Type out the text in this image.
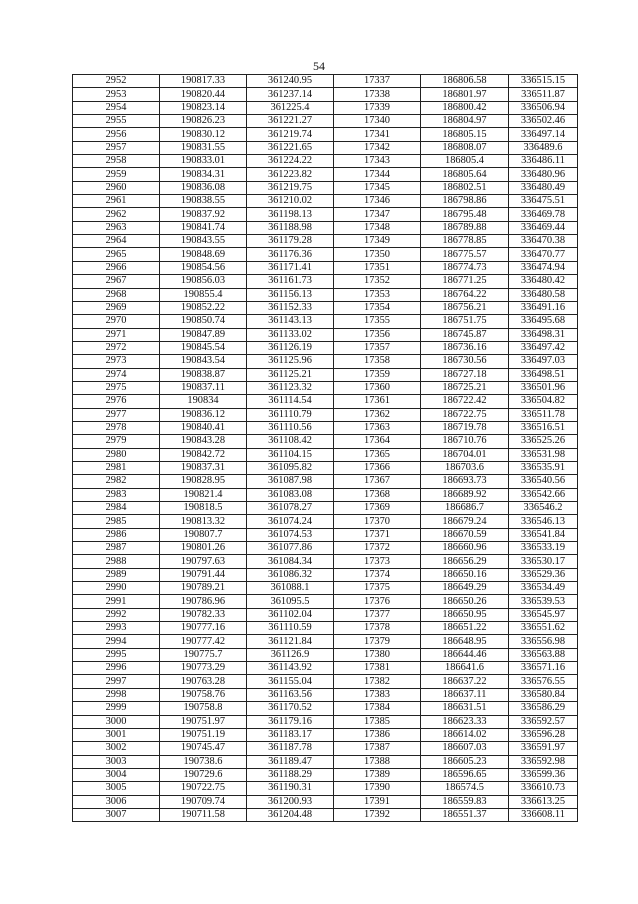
54
2952	190817.33	361240.95	17337	186806.58	336515.15
2953	190820.44	361237.14	17338	186801.97	336511.87
2954	190823.14	361225.4	17339	186800.42	336506.94
2955	190826.23	361221.27	17340	186804.97	336502.46
2956	190830.12	361219.74	17341	186805.15	336497.14
2957	190831.55	361221.65	17342	186808.07	336489.6
2958	190833.01	361224.22	17343	186805.4	336486.11
2959	190834.31	361223.82	17344	186805.64	336480.96
2960	190836.08	361219.75	17345	186802.51	336480.49
2961	190838.55	361210.02	17346	186798.86	336475.51
2962	190837.92	361198.13	17347	186795.48	336469.78
2963	190841.74	361188.98	17348	186789.88	336469.44
2964	190843.55	361179.28	17349	186778.85	336470.38
2965	190848.69	361176.36	17350	186775.57	336470.77
2966	190854.56	361171.41	17351	186774.73	336474.94
2967	190856.03	361161.73	17352	186771.25	336480.42
2968	190855.4	361156.13	17353	186764.22	336480.58
2969	190852.22	361152.33	17354	186756.21	336491.16
2970	190850.74	361143.13	17355	186751.75	336495.68
2971	190847.89	361133.02	17356	186745.87	336498.31
2972	190845.54	361126.19	17357	186736.16	336497.42
2973	190843.54	361125.96	17358	186730.56	336497.03
2974	190838.87	361125.21	17359	186727.18	336498.51
2975	190837.11	361123.32	17360	186725.21	336501.96
2976	190834	361114.54	17361	186722.42	336504.82
2977	190836.12	361110.79	17362	186722.75	336511.78
2978	190840.41	361110.56	17363	186719.78	336516.51
2979	190843.28	361108.42	17364	186710.76	336525.26
2980	190842.72	361104.15	17365	186704.01	336531.98
2981	190837.31	361095.82	17366	186703.6	336535.91
2982	190828.95	361087.98	17367	186693.73	336540.56
2983	190821.4	361083.08	17368	186689.92	336542.66
2984	190818.5	361078.27	17369	186686.7	336546.2
2985	190813.32	361074.24	17370	186679.24	336546.13
2986	190807.7	361074.53	17371	186670.59	336541.84
2987	190801.26	361077.86	17372	186660.96	336533.19
2988	190797.63	361084.34	17373	186656.29	336530.17
2989	190791.44	361086.32	17374	186650.16	336529.36
2990	190789.21	361088.1	17375	186649.29	336534.49
2991	190786.96	361095.5	17376	186650.26	336539.53
2992	190782.33	361102.04	17377	186650.95	336545.97
2993	190777.16	361110.59	17378	186651.22	336551.62
2994	190777.42	361121.84	17379	186648.95	336556.98
2995	190775.7	361126.9	17380	186644.46	336563.88
2996	190773.29	361143.92	17381	186641.6	336571.16
2997	190763.28	361155.04	17382	186637.22	336576.55
2998	190758.76	361163.56	17383	186637.11	336580.84
2999	190758.8	361170.52	17384	186631.51	336586.29
3000	190751.97	361179.16	17385	186623.33	336592.57
3001	190751.19	361183.17	17386	186614.02	336596.28
3002	190745.47	361187.78	17387	186607.03	336591.97
3003	190738.6	361189.47	17388	186605.23	336592.98
3004	190729.6	361188.29	17389	186596.65	336599.36
3005	190722.75	361190.31	17390	186574.5	336610.73
3006	190709.74	361200.93	17391	186559.83	336613.25
3007	190711.58	361204.48	17392	186551.37	336608.11
